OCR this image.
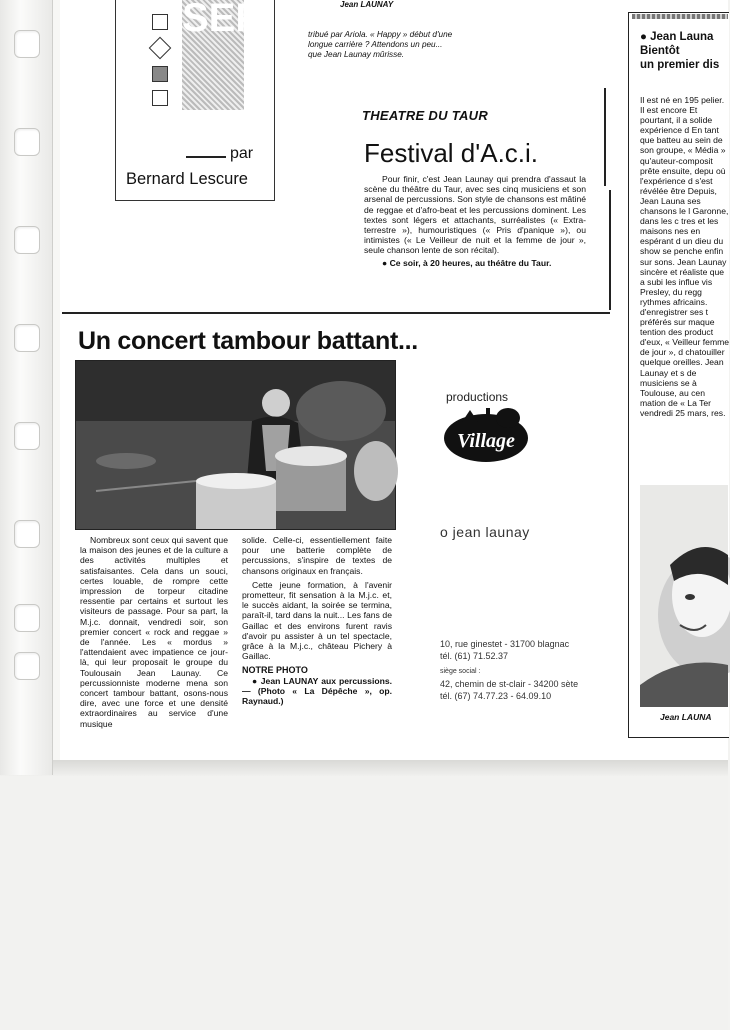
Jean LAUNAY
SEP
par
Bernard Lescure
tribué par Ariola. « Happy » début d'une longue carrière ? Attendons un peu... que Jean Launay mûrisse.
THEATRE DU TAUR
Festival d'A.c.i.

Pour finir, c'est Jean Launay qui prendra d'assaut la scène du théâtre du Taur, avec ses cinq musiciens et son arsenal de percussions. Son style de chansons est mâtiné de reggae et d'afro-beat et les percussions dominent. Les textes sont légers et attachants, surréalistes (« Extra-terrestre »), humouristiques (« Pris d'panique »), ou intimistes (« Le Veilleur de nuit et la femme de jour », seule chanson lente de son récital).

● Ce soir, à 20 heures, au théâtre du Taur.

Un concert tambour battant...

Nombreux sont ceux qui savent que la maison des jeunes et de la culture a des activités multiples et satisfaisantes. Cela dans un souci, certes louable, de rompre cette impression de torpeur citadine ressentie par certains et surtout les visiteurs de passage. Pour sa part, la M.j.c. donnait, vendredi soir, son premier concert « rock and reggae » de l'année. Les « mordus » l'attendaient avec impatience ce jour-là, qui leur proposait le groupe du Toulousain Jean Launay. Ce percussionniste moderne mena son concert tambour battant, osons-nous dire, avec une force et une densité extraordinaires au service d'une musique

solide. Celle-ci, essentiellement faite pour une batterie complète de percussions, s'inspire de textes de chansons originaux en français.

Cette jeune formation, à l'avenir prometteur, fit sensation à la M.j.c. et, le succès aidant, la soirée se termina, paraît-il, tard dans la nuit... Les fans de Gaillac et des environs furent ravis d'avoir pu assister à un tel spectacle, grâce à la M.j.c., château Pichery à Gaillac.

NOTRE PHOTO

● Jean LAUNAY aux percussions. — (Photo « La Dépêche », op. Raynaud.)

productions
Village
o jean launay
10, rue ginestet - 31700 blagnac
tél. (61) 71.52.37
siège social :
42, chemin de st-clair - 34200 sète
tél. (67) 74.77.23 - 64.09.10
● Jean Launa
Bientôt
un premier dis
Il est né en 195 pelier. Il est encore Et pourtant, il a solide expérience d En tant que batteu au sein de son groupe, « Média » qu'auteur-composit prête ensuite, depu où l'expérience d s'est révélée être Depuis, Jean Launa ses chansons le l Garonne, dans les c tres et les maisons nes en espérant d un dieu du show se penche enfin sur sons. Jean Launay sincère et réaliste que a subi les influe vis Presley, du regg rythmes africains. d'enregistrer ses t préférés sur maque tention des product d'eux, « Veilleur femme de jour », d chatouiller quelque oreilles. Jean Launay et s de musiciens se à Toulouse, au cen mation de « La Ter vendredi 25 mars, res.
Jean LAUNA
